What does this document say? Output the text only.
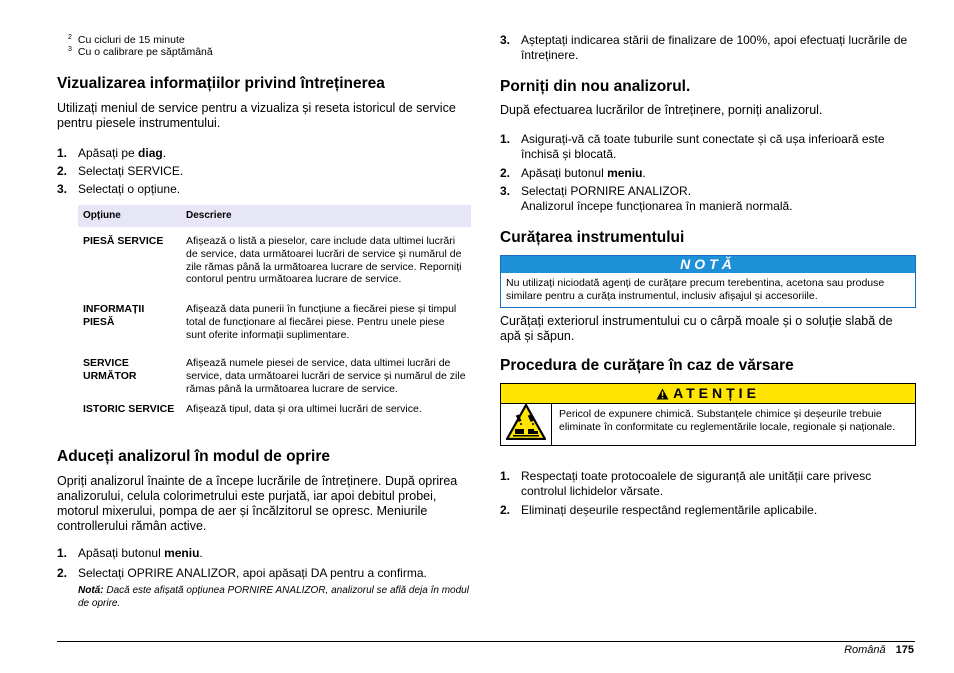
$^2$ Cu cicluri de 15 minute
$^3$ Cu o calibrare pe săptămână
Vizualizarea informațiilor privind întreținerea
Utilizați meniul de service pentru a vizualiza și reseta istoricul de service pentru piesele instrumentului.
1. Apăsați pe diag.
2. Selectați SERVICE.
3. Selectați o opțiune.
Opțiune	Descriere
PIESĂ SERVICE	Afișează o listă a pieselor, care include data ultimei lucrări de service, data următoarei lucrări de service și numărul de zile rămas până la următoarea lucrare de service. Reporniți contorul pentru următoarea lucrare de service.
INFORMAȚII PIESĂ	Afișează data punerii în funcțiune a fiecărei piese și timpul total de funcționare al fiecărei piese. Pentru unele piese sunt oferite informații suplimentare.
SERVICE URMĂTOR	Afișează numele piesei de service, data ultimei lucrări de service, data următoarei lucrări de service și numărul de zile rămas până la următoarea lucrare de service.
ISTORIC SERVICE	Afișează tipul, data și ora ultimei lucrări de service.
Aduceți analizorul în modul de oprire
Opriți analizorul înainte de a începe lucrările de întreținere. După oprirea analizorului, celula colorimetrului este purjată, iar apoi debitul probei, motorul mixerului, pompa de aer și încălzitorul se opresc. Meniurile controllerului rămân active.
1. Apăsați butonul meniu.
2. Selectați OPRIRE ANALIZOR, apoi apăsați DA pentru a confirma.
Notă: Dacă este afișată opțiunea PORNIRE ANALIZOR, analizorul se află deja în modul de oprire.
3. Așteptați indicarea stării de finalizare de 100%, apoi efectuați lucrările de întreținere.
Porniți din nou analizorul.
După efectuarea lucrărilor de întreținere, porniți analizorul.
1. Asigurați-vă că toate tuburile sunt conectate și că ușa inferioară este închisă și blocată.
2. Apăsați butonul meniu.
3. Selectați PORNIRE ANALIZOR.
Analizorul începe funcționarea în manieră normală.
Curățarea instrumentului
NOTĂ
Nu utilizați niciodată agenți de curățare precum terebentina, acetona sau produse similare pentru a curăța instrumentul, inclusiv afișajul și accesoriile.
Curățați exteriorul instrumentului cu o cârpă moale și o soluție slabă de apă și săpun.
Procedura de curățare în caz de vărsare
ATENȚIE
Pericol de expunere chimică. Substanțele chimice și deșeurile trebuie eliminate în conformitate cu reglementările locale, regionale și naționale.
1. Respectați toate protocoalele de siguranță ale unității care privesc controlul lichidelor vărsate.
2. Eliminați deșeurile respectând reglementările aplicabile.
Română 175
